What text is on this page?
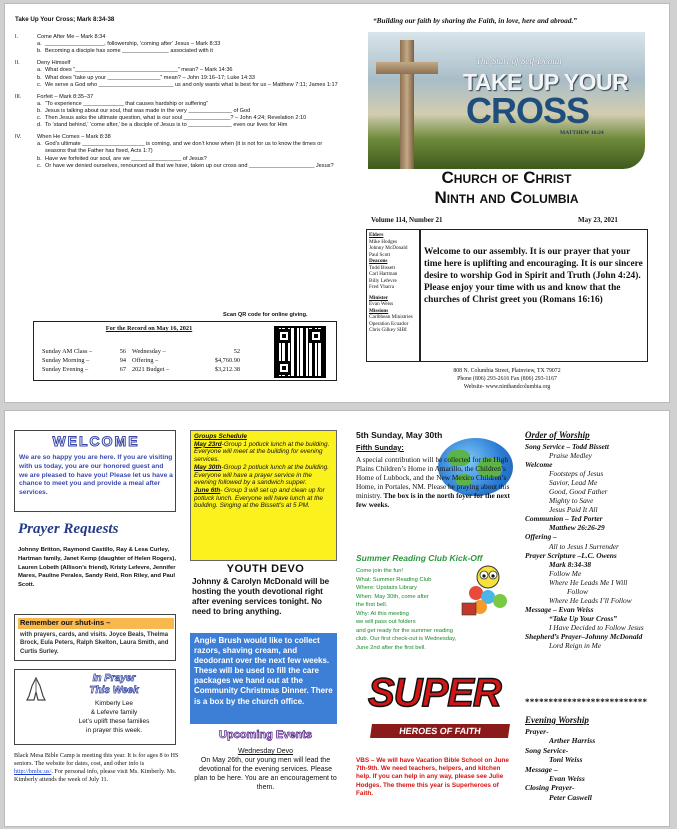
Take Up Your Cross; Mark 8:34-38
I.	Come After Me – Mark 8:34
a. ___________________, followership, ‘coming after’ Jesus – Mark 8:33
b. Becoming a disciple has some _______________ associated with it
II.	Deny Himself
a. What does “_________________________________” mean? – Mark 14:36
b. What does “take up your _________________” mean? – John 19:16–17; Luke 14:33
c. We serve a God who ________________________ us and only wants what is best for us – Matthew 7:11; James 1:17
III.	Forfeit – Mark 8:35–37
a. “To experience _____________ that causes hardship or suffering”
b. Jesus is talking about our soul, that was made in the very ______________ of God
c. Then Jesus asks the ultimate question, what is our soul _______________? – John 4:24; Revelation 2:10
d. To ‘stand behind,’ ‘come after,’ be a disciple of Jesus is to ______________ even our lives for Him
IV.	When He Comes – Mark 8:38
a. God’s ultimate ____________________ is coming, and we don’t know when (it is not for us to know the times or seasons that the Father has fixed, Acts 1:7)
b. Have we forfeited our soul, are we ________________ of Jesus?
c. Or have we denied ourselves, renounced all that we have, taken up our cross and _____________________ Jesus?
Scan QR code for online giving.
For the Record on May 16, 2021
Sunday AM Class –	56 Wednesday –	52
Sunday Morning –	94 Offering –	$4,760.90
Sunday Evening –	67 2021 Budget –	$3,212.38
“Building our faith by sharing the Faith, in love, here and abroad.”
The Start of Self-Denial
TAKE UP YOUR
CROSS
MATTHEW 16:24
Church of Christ
Ninth and Columbia
Volume 114, Number 21	May 23, 2021
Elders
Mike Hodges
Johnny McDonald
Paul Scott
Deacons
Todd Bissett
Carl Hartman
Billy Lefevre
Fred Ybarra
Minister
Evan Weiss
Missions
Caribbean Ministries
Operation Ecuador
Chris Gilkey SIBI
Welcome to our assembly. It is our prayer that your time here is uplifting and encouraging. It is our sincere desire to worship God in Spirit and Truth (John 4:24). Please enjoy your time with us and know that the churches of Christ greet you (Romans 16:16)
808 N. Columbia Street, Plainview, TX 79072
Phone (806) 293-2616 Fax (806) 293-1167
Website- www.ninthandcolumbia.org
WELCOME
We are so happy you are here. If you are visiting with us today, you are our honored guest and we are pleased to have you! Please let us have a chance to meet you and provide a meal after services.
Prayer Requests
Johnny Britton, Raymond Castillo, Ray & Lesa Curley, Hartman family, Janet Kemp (daughter of Helen Rogers), Lauren Lobeth (Allison’s friend), Kristy Lefevre, Jennifer Mares, Pauline Perales, Sandy Reid, Ron Riley, and Paul Scott.
Remember our shut-ins –
with prayers, cards, and visits. Joyce Beals, Thelma Brock, Eula Peters, Ralph Skelton, Laura Smith, and Curtis Surley.
In Prayer
This Week
Kimberly Lee
& Lefevre family
Let’s uplift these families
in prayer this week.
Black Mesa Bible Camp is meeting this year. It is for ages 8 to HS seniors. The website for dates, cost, and other info is http://bmbc.us/. For personal info, please visit Ms. Kimberly. Ms. Kimberly attends the week of July 11.
Groups Schedule
May 23rd-Group 1 potluck lunch at the building. Everyone will meet at the building for evening services.
May 30th-Group 2 potluck lunch at the building. Everyone will have a prayer service in the evening followed by a sandwich supper.
June 6th- Group 3 will set up and clean up for potluck lunch. Everyone will have lunch at the building. Singing at the Bissett’s at 5 PM.
YOUTH DEVO
Johnny & Carolyn McDonald will be hosting the youth devotional right after evening services tonight. No need to bring anything.
Angie Brush would like to collect razors, shaving cream, and deodorant over the next few weeks. These will be used to fill the care packages we hand out at the Community Christmas Dinner. There is a box by the church office.
Upcoming Events
Wednesday Devo
On May 26th, our young men will lead the devotional for the evening services. Please plan to be here. You are an encouragement to them.
5th Sunday, May 30th
Fifth Sunday:
A special contribution will be collected for the High Plains Children’s Home in Amarillo, the Children’s Home of Lubbock, and the New Mexico Children’s Home, in Portales, NM. Please be praying about this ministry. The box is in the north foyer for the next few weeks.
Summer Reading Club Kick-Off
Come join the fun!
What: Summer Reading Club
Where: Upstairs Library
When: May 30th, come after
the first bell.
Why: At this meeting
we will pass out folders
and get ready for the summer reading
club. Our first check-out is Wednesday,
June 2nd after the first bell.
SUPER
HEROES OF FAITH
VBS – We will have Vacation Bible School on June 7th-9th. We need teachers, helpers, and kitchen help. If you can help in any way, please see Julie Hodges. The theme this year is Superheroes of Faith.
Order of Worship
Song Service – Todd Bissett
Praise Medley
Welcome
Footsteps of Jesus
Savior, Lead Me
Good, Good Father
Mighty to Save
Jesus Paid It All
Communion – Ted Porter
Matthew 26:26-29
Offering –
All to Jesus I Surrender
Prayer Scripture –L.C. Owens
Mark 8:34-38
Follow Me
Where He Leads Me I Will
Follow
Where He Leads I’ll Follow
Message – Evan Weiss
“Take Up Your Cross”
I Have Decided to Follow Jesus
Shepherd’s Prayer–Johnny McDonald
Lord Reign in Me
**************************
Evening Worship
Prayer-
Arther Harriss
Song Service-
Toni Weiss
Message –
Evan Weiss
Closing Prayer-
Peter Caswell
